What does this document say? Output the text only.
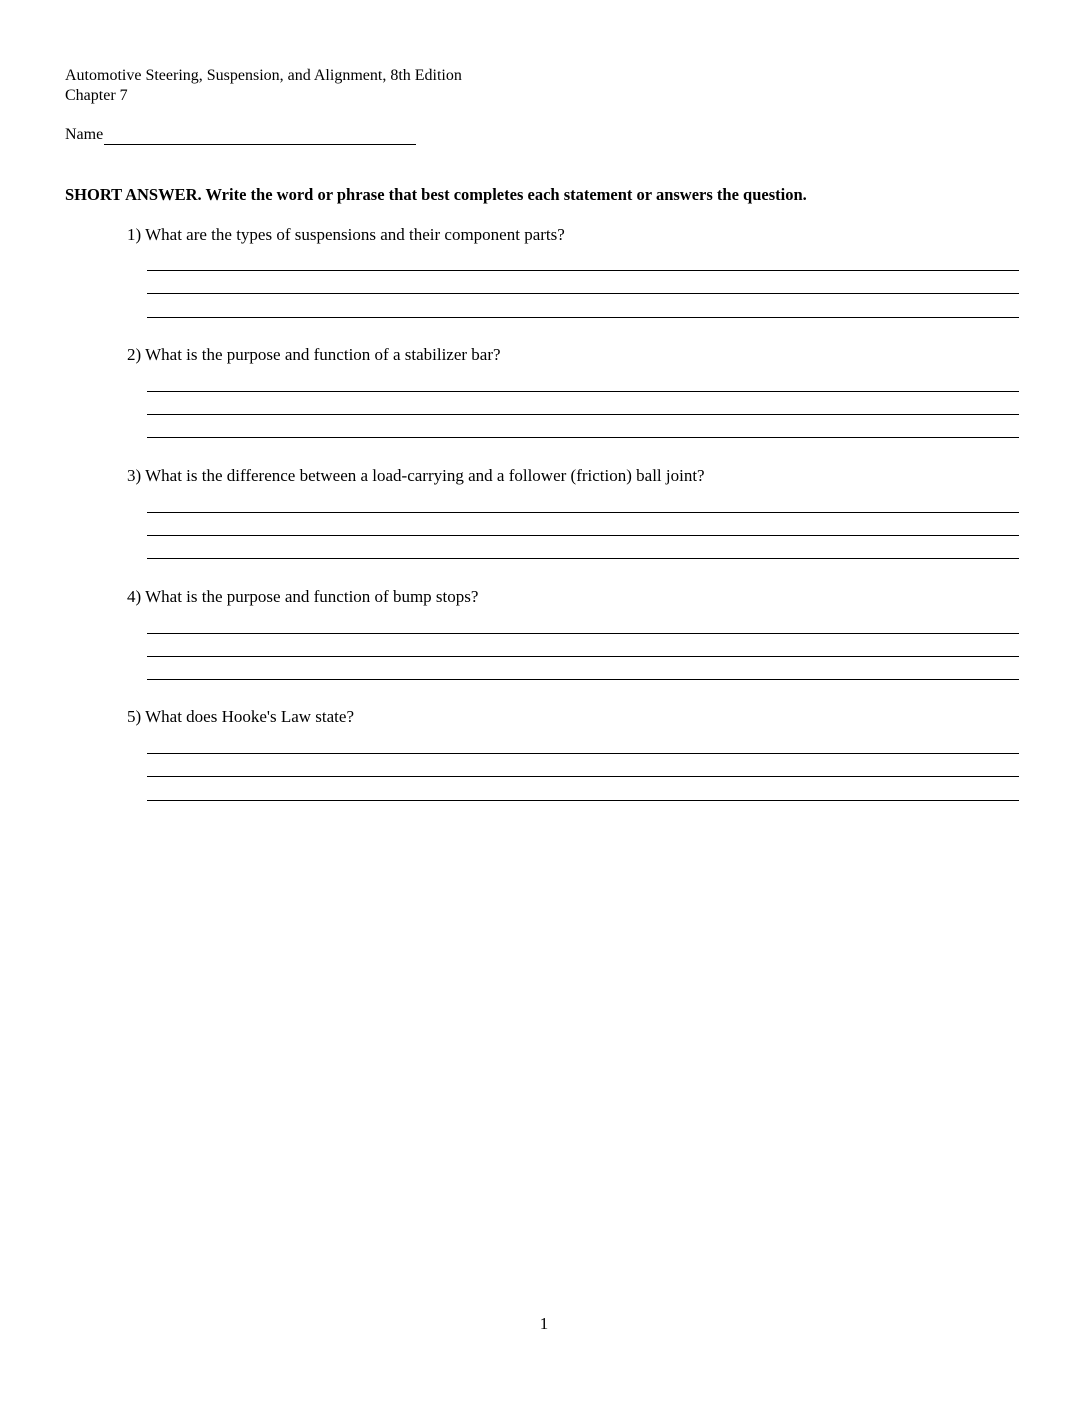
Automotive Steering, Suspension, and Alignment, 8th Edition
Chapter 7
Name
SHORT ANSWER. Write the word or phrase that best completes each statement or answers the question.
1) What are the types of suspensions and their component parts?
2) What is the purpose and function of a stabilizer bar?
3) What is the difference between a load-carrying and a follower (friction) ball joint?
4) What is the purpose and function of bump stops?
5) What does Hooke's Law state?
1
